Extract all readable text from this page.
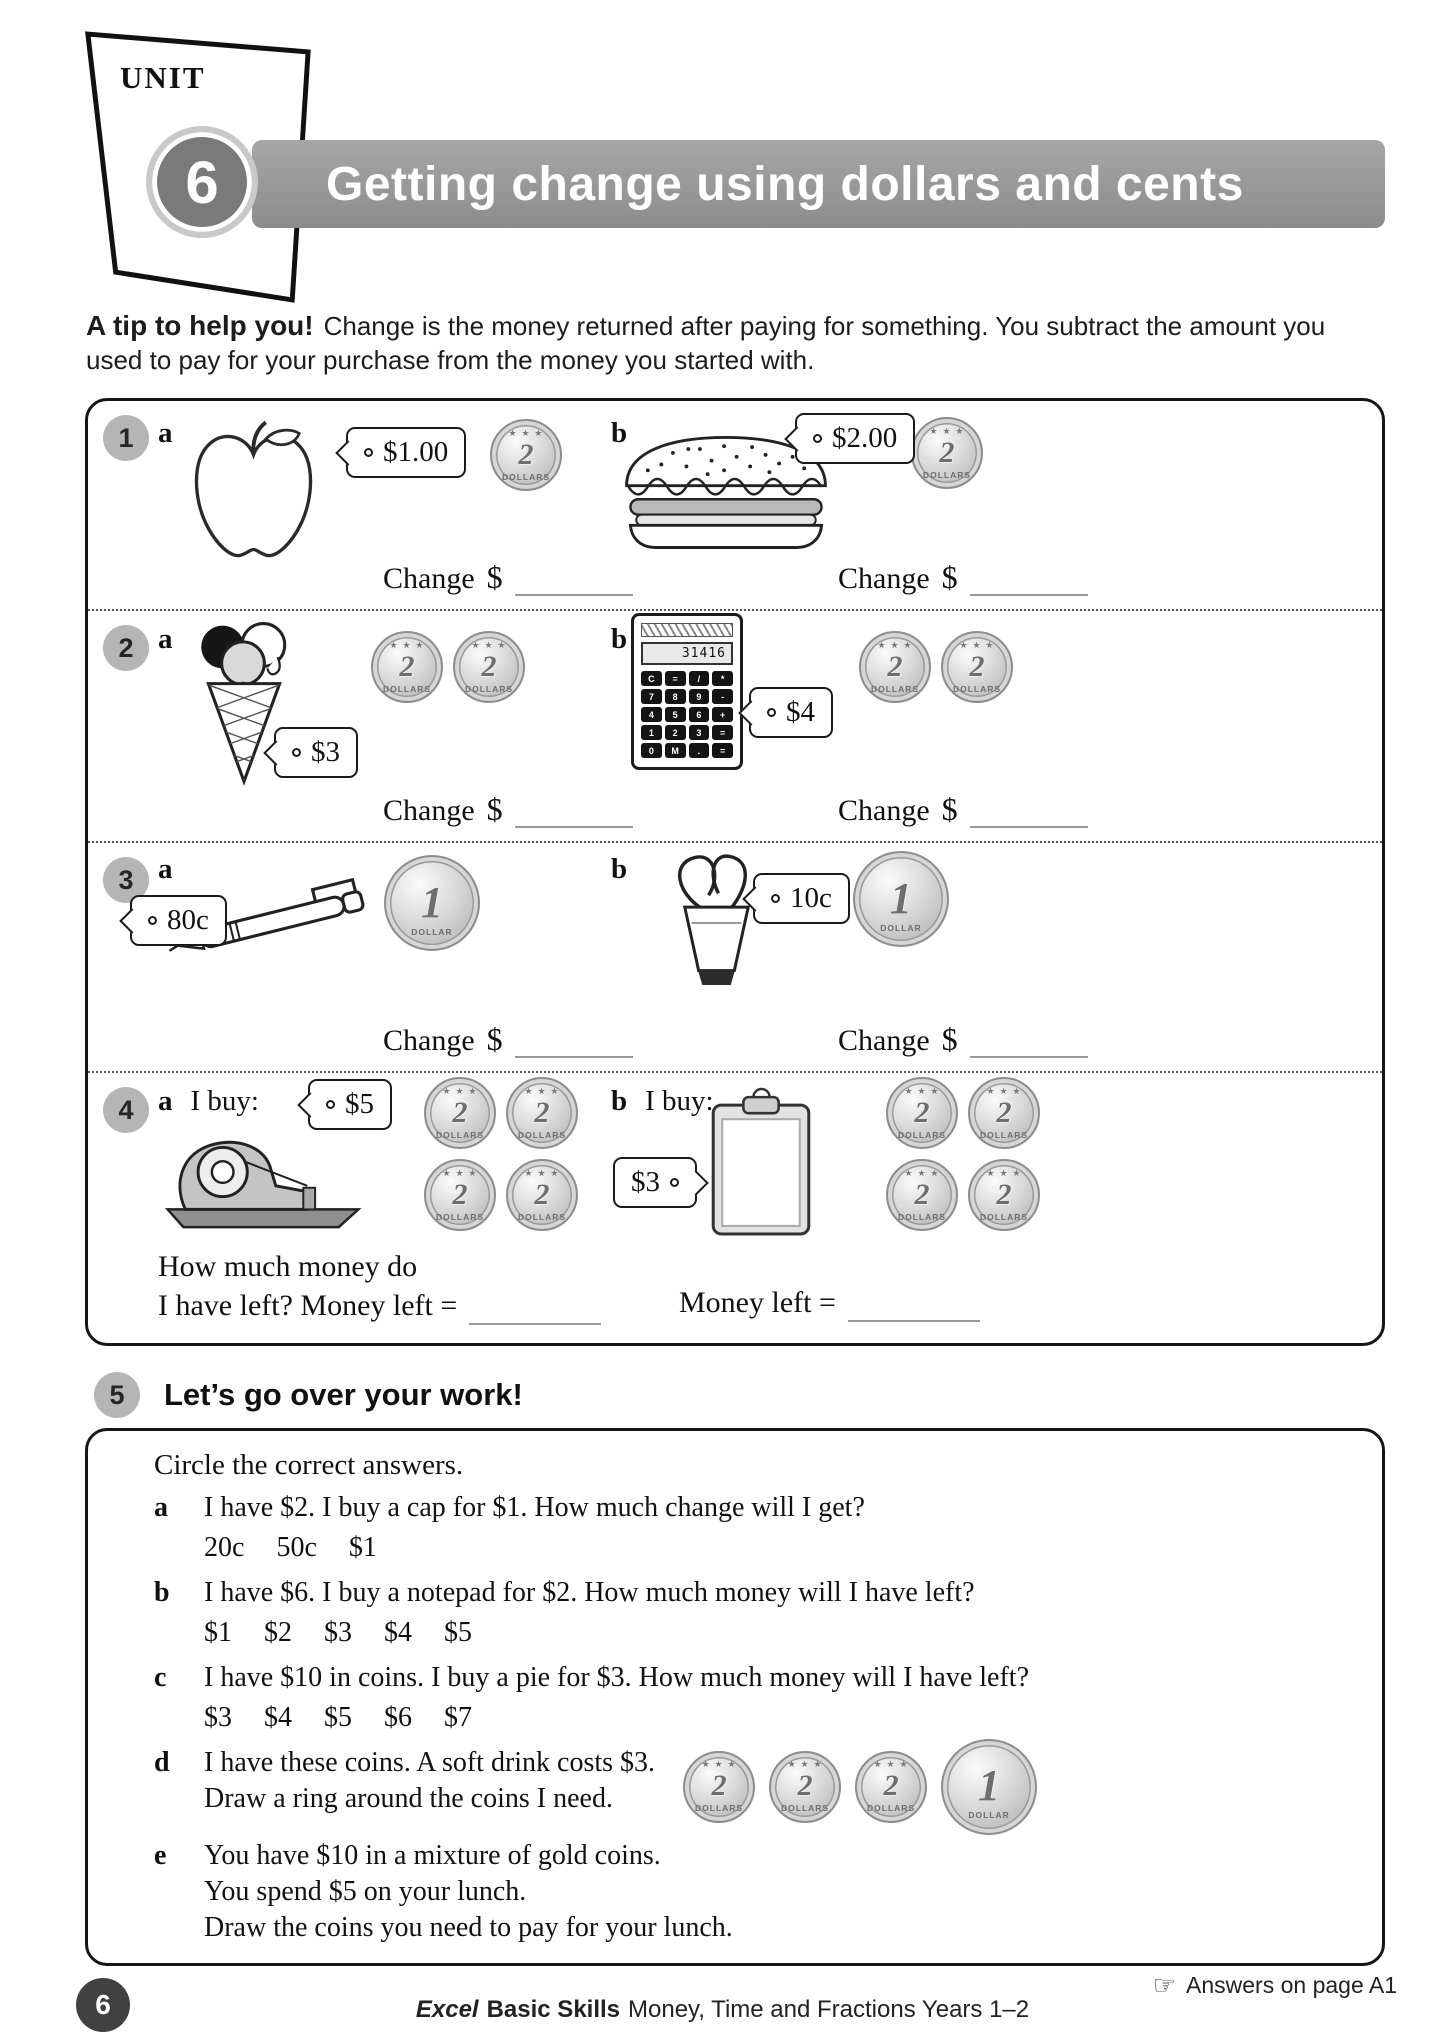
UNIT
Getting change using dollars and cents
6

A tip to help you! Change is the money returned after paying for something. You subtract the amount you used to pay for your purchase from the money you started with.

1 a
$1.00
★ ★ ★
2
DOLLARS
Change $
b	$2.00	★ ★ ★
2
DOLLARS
Change $
2 a
$3
★ ★ ★
2
DOLLARS
★ ★ ★
2
DOLLARS
Change $
b	31416
C	=	/	*
7	8	9	-
4	5	6	+
1	2	3	=
0	M	.	=
$4
★ ★ ★
2
DOLLARS
★ ★ ★
2
DOLLARS
Change $
3 a
80c	1
DOLLAR
Change $
b
10c 1
DOLLAR
Change $
4 a I buy:	$5	★ ★ ★
2
DOLLARS
★ ★ ★
2
DOLLARS
★ ★ ★
2
DOLLARS
★ ★ ★
2
DOLLARS
How much money do
I have left? Money left =
b I buy:
$3
★ ★ ★
2
DOLLARS
★ ★ ★
2
DOLLARS
★ ★ ★
2
DOLLARS
★ ★ ★
2
DOLLARS
Money left =
5	Let’s go over your work!

Circle the correct answers.

a	I have $2. I buy a cap for $1. How much change will I get?

20c 50c $1
b	I have $6. I buy a notepad for $2. How much money will I have left?

$1 $2 $3 $4 $5
c	I have $10 in coins. I buy a pie for $3. How much money will I have left?

$3 $4 $5 $6 $7
d	I have these coins. A soft drink costs $3.
Draw a ring around the coins I need.
★ ★ ★
2
DOLLARS
★ ★ ★
2
DOLLARS
★ ★ ★
2
DOLLARS 1
DOLLAR
e	You have $10 in a mixture of gold coins.
You spend $5 on your lunch.
Draw the coins you need to pay for your lunch.
6	Excel Basic Skills Money, Time and Fractions Years 1–2
☞ Answers on page A1
